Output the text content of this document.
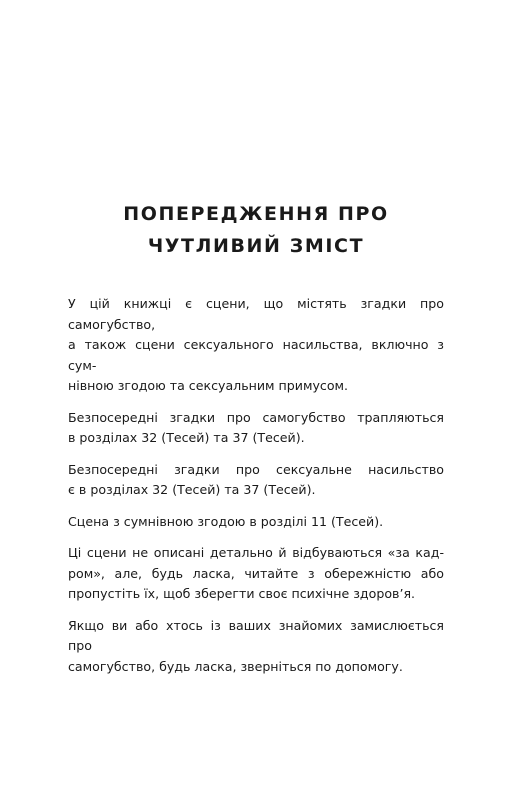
ПОПЕРЕДЖЕННЯ ПРО
ЧУТЛИВИЙ ЗМІСТ

У цій книжці є сцени, що містять згадки про самогубство,
а також сцени сексуального насильства, включно з сум-
нівною згодою та сексуальним примусом.

Безпосередні згадки про самогубство трапляються
в розділах 32 (Тесей) та 37 (Тесей).

Безпосередні згадки про сексуальне насильство
є в розділах 32 (Тесей) та 37 (Тесей).

Сцена з сумнівною згодою в розділі 11 (Тесей).

Ці сцени не описані детально й відбуваються «за кад-
ром», але, будь ласка, читайте з обережністю або
пропустіть їх, щоб зберегти своє психічне здоров’я.

Якщо ви або хтось із ваших знайомих замислюється про
самогубство, будь ласка, зверніться по допомогу.
